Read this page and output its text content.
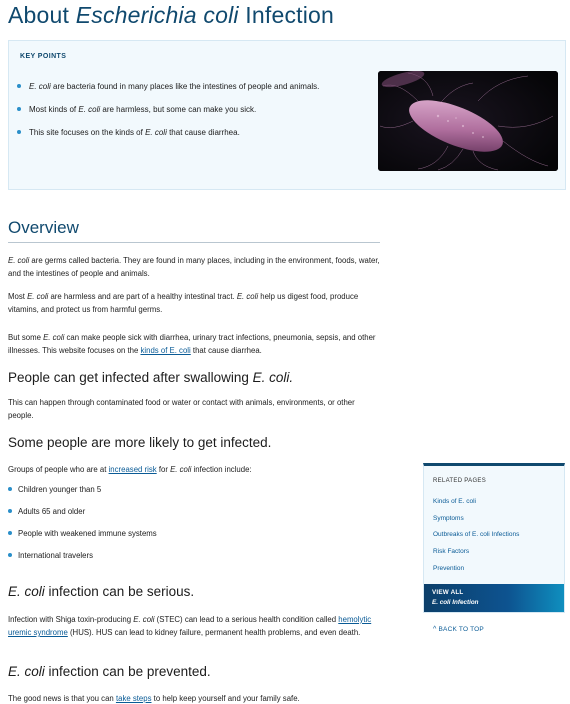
About Escherichia coli Infection
KEY POINTS
E. coli are bacteria found in many places like the intestines of people and animals.
Most kinds of E. coli are harmless, but some can make you sick.
This site focuses on the kinds of E. coli that cause diarrhea.
Overview

E. coli are germs called bacteria. They are found in many places, including in the environment, foods, water, and the intestines of people and animals.

Most E. coli are harmless and are part of a healthy intestinal tract. E. coli help us digest food, produce vitamins, and protect us from harmful germs.

But some E. coli can make people sick with diarrhea, urinary tract infections, pneumonia, sepsis, and other illnesses. This website focuses on the kinds of E. coli that cause diarrhea.

People can get infected after swallowing E. coli.

This can happen through contaminated food or water or contact with animals, environments, or other people.

Some people are more likely to get infected.

Groups of people who are at increased risk for E. coli infection include:

Children younger than 5
Adults 65 and older
People with weakened immune systems
International travelers
E. coli infection can be serious.

Infection with Shiga toxin-producing E. coli (STEC) can lead to a serious health condition called hemolytic uremic syndrome (HUS). HUS can lead to kidney failure, permanent health problems, and even death.

E. coli infection can be prevented.

The good news is that you can take steps to help keep yourself and your family safe.

RELATED PAGES
Kinds of E. coli
Symptoms
Outbreaks of E. coli Infections
Risk Factors
Prevention
VIEW ALL
E. coli Infection
^ BACK TO TOP
